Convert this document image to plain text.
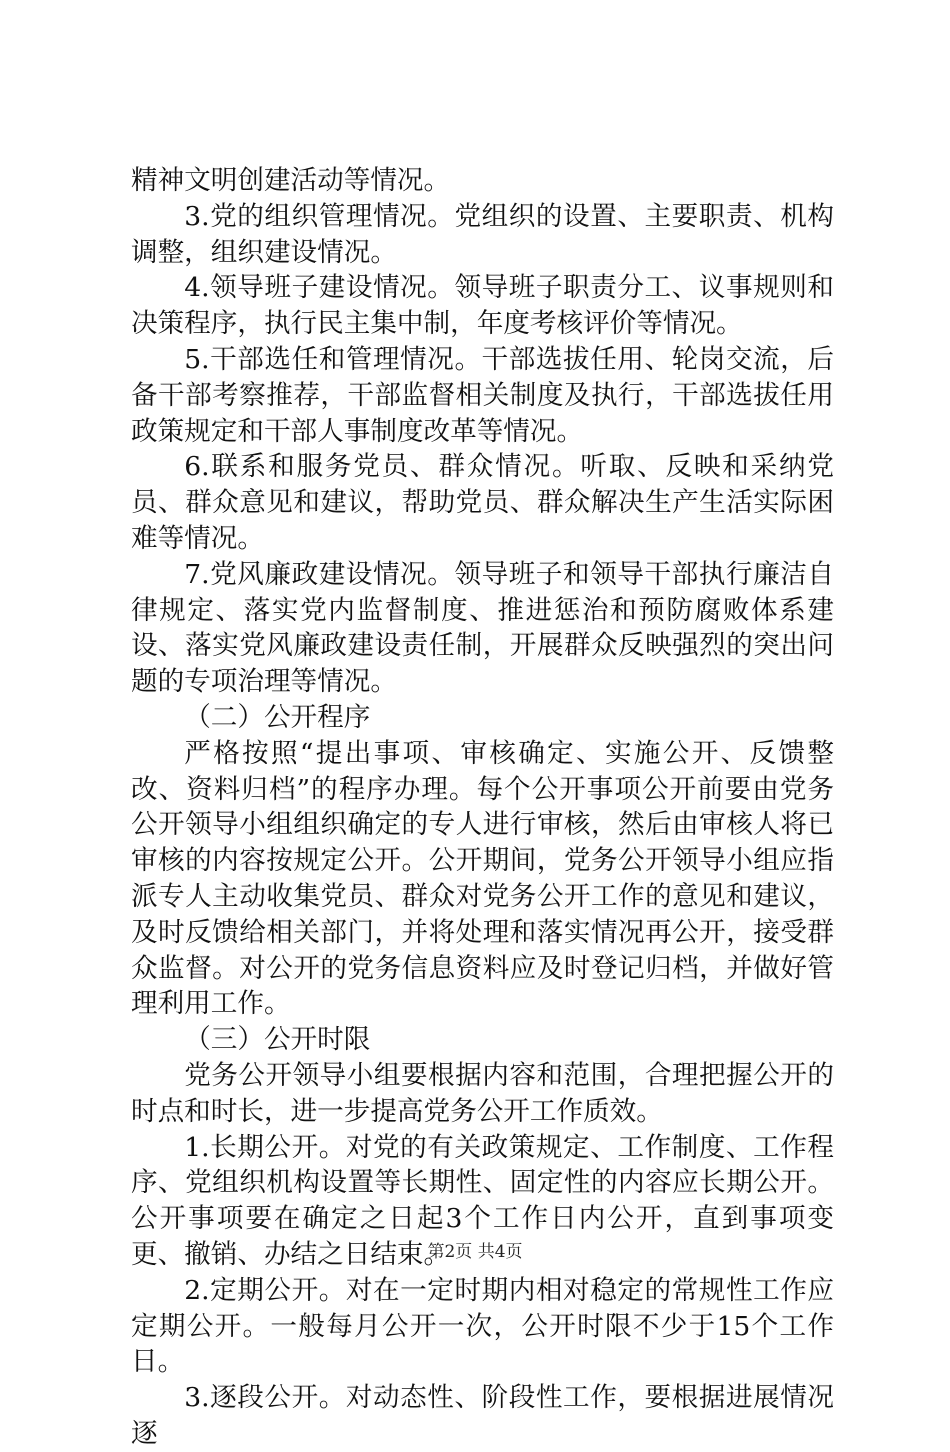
精神文明创建活动等情况。

3.党的组织管理情况。党组织的设置、主要职责、机构调整，组织建设情况。

4.领导班子建设情况。领导班子职责分工、议事规则和决策程序，执行民主集中制，年度考核评价等情况。

5.干部选任和管理情况。干部选拔任用、轮岗交流，后备干部考察推荐，干部监督相关制度及执行，干部选拔任用政策规定和干部人事制度改革等情况。

6.联系和服务党员、群众情况。听取、反映和采纳党员、群众意见和建议，帮助党员、群众解决生产生活实际困难等情况。

7.党风廉政建设情况。领导班子和领导干部执行廉洁自律规定、落实党内监督制度、推进惩治和预防腐败体系建设、落实党风廉政建设责任制，开展群众反映强烈的突出问题的专项治理等情况。

（二）公开程序

严格按照“提出事项、审核确定、实施公开、反馈整改、资料归档”的程序办理。每个公开事项公开前要由党务公开领导小组组织确定的专人进行审核，然后由审核人将已审核的内容按规定公开。公开期间，党务公开领导小组应指派专人主动收集党员、群众对党务公开工作的意见和建议，及时反馈给相关部门，并将处理和落实情况再公开，接受群众监督。对公开的党务信息资料应及时登记归档，并做好管理利用工作。

（三）公开时限

党务公开领导小组要根据内容和范围，合理把握公开的时点和时长，进一步提高党务公开工作质效。

1.长期公开。对党的有关政策规定、工作制度、工作程序、党组织机构设置等长期性、固定性的内容应长期公开。公开事项要在确定之日起3个工作日内公开，直到事项变更、撤销、办结之日结束。

2.定期公开。对在一定时期内相对稳定的常规性工作应定期公开。一般每月公开一次，公开时限不少于15个工作日。

3.逐段公开。对动态性、阶段性工作，要根据进展情况逐

第2页 共4页
